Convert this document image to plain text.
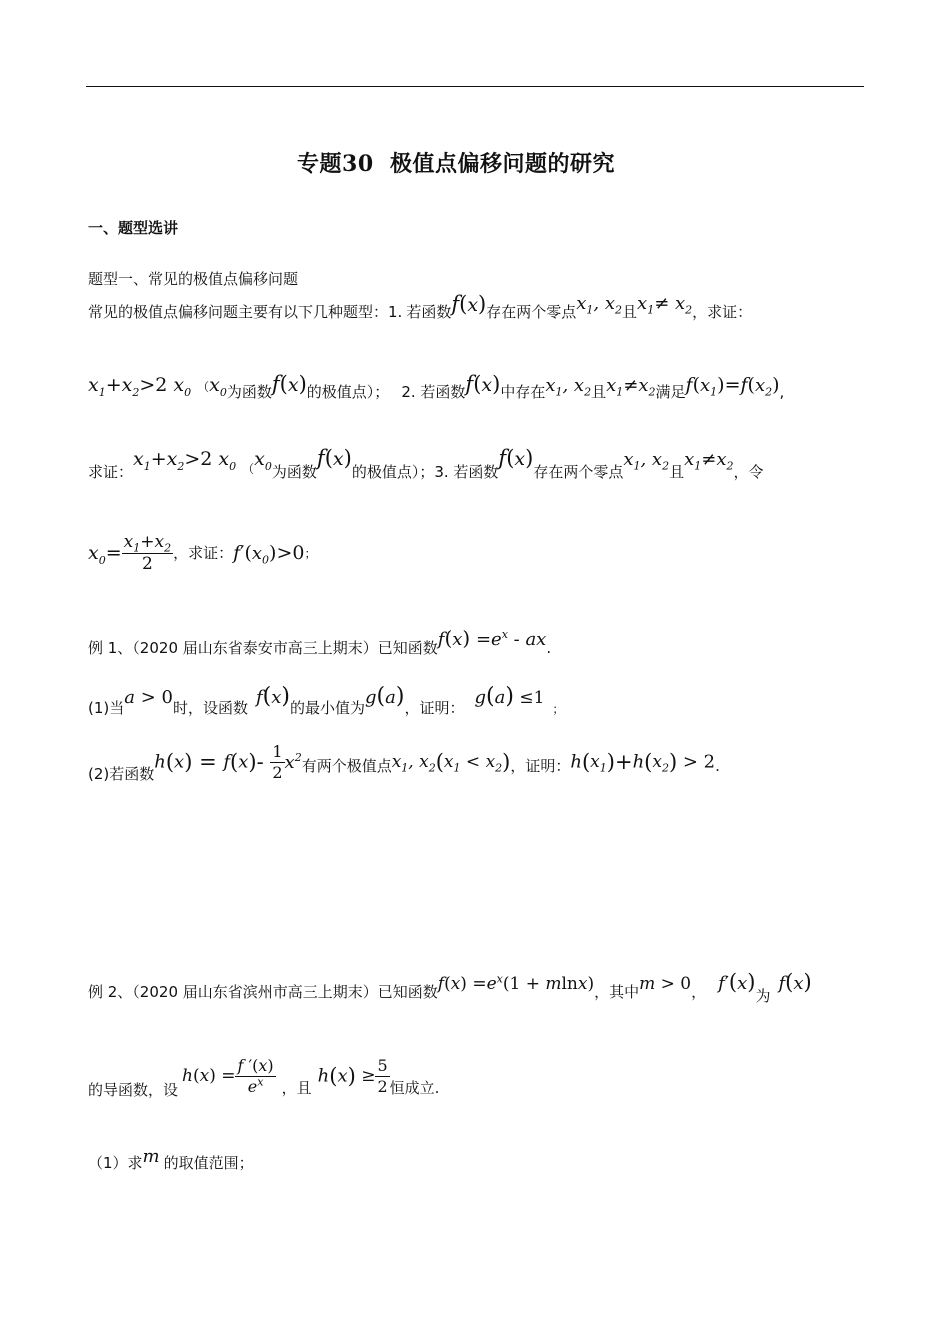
专题30  极值点偏移问题的研究
一、题型选讲
题型一、常见的极值点偏移问题
常见的极值点偏移问题主要有以下几种题型：1. 若函数f(x)存在两个零点$x_1$, $x_2$且$x_1\ne x_2$，求证：
$x_1+x_2>2$ $x_0$ （$x_0$为函数f(x)的极值点）； 2. 若函数f(x)中存在$x_1$, $x_2$且$x_1\ne x_2$满足$f(x_1)=f(x_2)$,
求证：$x_1+x_2>2$ $x_0$ $_(x_0$为函数f(x)的极值点）；3. 若函数f(x)存在两个零点$x_1$, $x_2$且$x_1\ne x_2$，令
$x_0= \frac{x_1+x_2}{2}$ ，求证：$f'(x_0)>0$；
例 1、（2020 届山东省泰安市高三上期末）已知函数$f(x) =e^x$ - ax.
(1)当a > 0时，设函数 f(x)的最小值为g(a)，证明： $g(a) \le 1_;$
(2)若函数$h(x) = f(x)- \frac{1}{2} x^2$有两个极值点$x_1$, $x_2(x_1 < x_2)$，证明：$h(x_1)+h(x_2) > 2$.
例 2、（2020 届山东省滨州市高三上期末）已知函数$f(x) =e^x(1 + mlnx)$，其中m > 0， f′(x)为f(x)
的导函数，设$h(x) = \frac{f '(x)}{e^x}$ ，且$h(x) \ge \frac{5}{2}$ 恒成立.
（1）求m 的取值范围；
